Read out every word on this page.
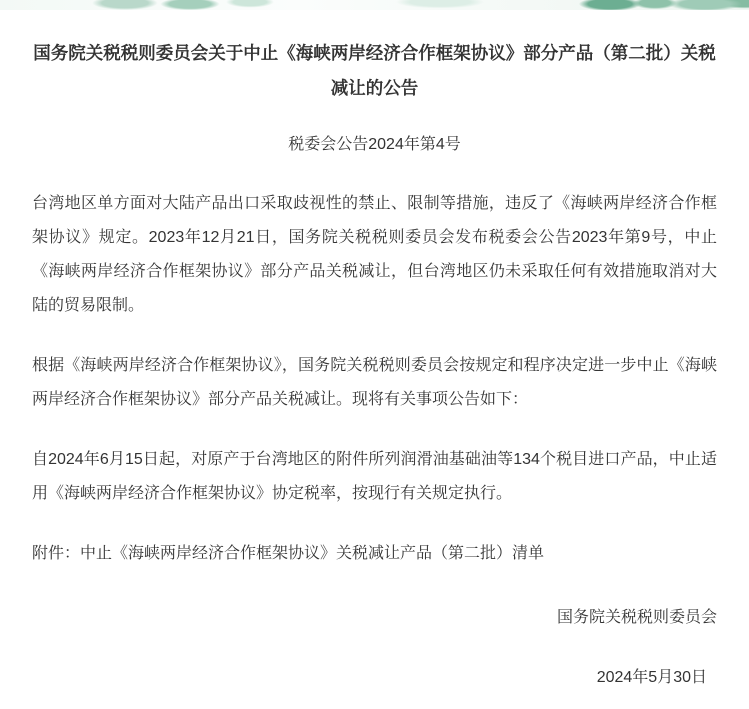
国务院关税税则委员会关于中止《海峡两岸经济合作框架协议》部分产品（第二批）关税减让的公告
税委会公告2024年第4号

台湾地区单方面对大陆产品出口采取歧视性的禁止、限制等措施，违反了《海峡两岸经济合作框架协议》规定。2023年12月21日，国务院关税税则委员会发布税委会公告2023年第9号，中止《海峡两岸经济合作框架协议》部分产品关税减让，但台湾地区仍未采取任何有效措施取消对大陆的贸易限制。

根据《海峡两岸经济合作框架协议》，国务院关税税则委员会按规定和程序决定进一步中止《海峡两岸经济合作框架协议》部分产品关税减让。现将有关事项公告如下：

自2024年6月15日起，对原产于台湾地区的附件所列润滑油基础油等134个税目进口产品，中止适用《海峡两岸经济合作框架协议》协定税率，按现行有关规定执行。

附件：中止《海峡两岸经济合作框架协议》关税减让产品（第二批）清单

国务院关税税则委员会
2024年5月30日
